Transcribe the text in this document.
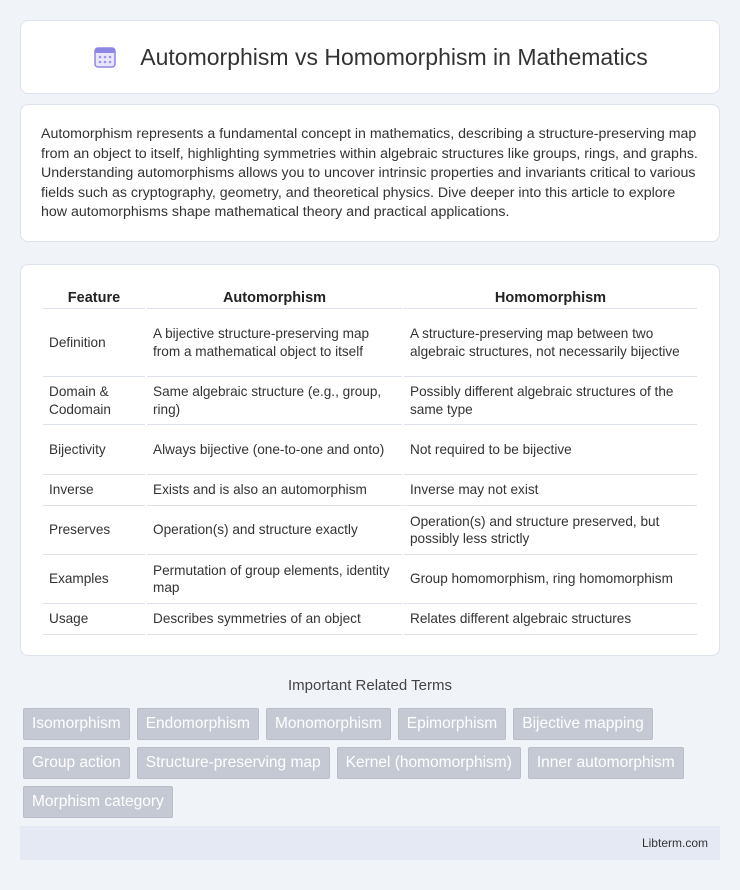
Automorphism vs Homomorphism in Mathematics

Automorphism represents a fundamental concept in mathematics, describing a structure-preserving map from an object to itself, highlighting symmetries within algebraic structures like groups, rings, and graphs. Understanding automorphisms allows you to uncover intrinsic properties and invariants critical to various fields such as cryptography, geometry, and theoretical physics. Dive deeper into this article to explore how automorphisms shape mathematical theory and practical applications.

Feature	Automorphism	Homomorphism
Definition	A bijective structure-preserving map from a mathematical object to itself	A structure-preserving map between two algebraic structures, not necessarily bijective
Domain & Codomain	Same algebraic structure (e.g., group, ring)	Possibly different algebraic structures of the same type
Bijectivity	Always bijective (one-to-one and onto)	Not required to be bijective
Inverse	Exists and is also an automorphism	Inverse may not exist
Preserves	Operation(s) and structure exactly	Operation(s) and structure preserved, but possibly less strictly
Examples	Permutation of group elements, identity map	Group homomorphism, ring homomorphism
Usage	Describes symmetries of an object	Relates different algebraic structures
Important Related Terms
Isomorphism	Endomorphism	Monomorphism	Epimorphism	Bijective mapping
Group action	Structure-preserving map	Kernel (homomorphism)	Inner automorphism
Morphism category
Libterm.com
